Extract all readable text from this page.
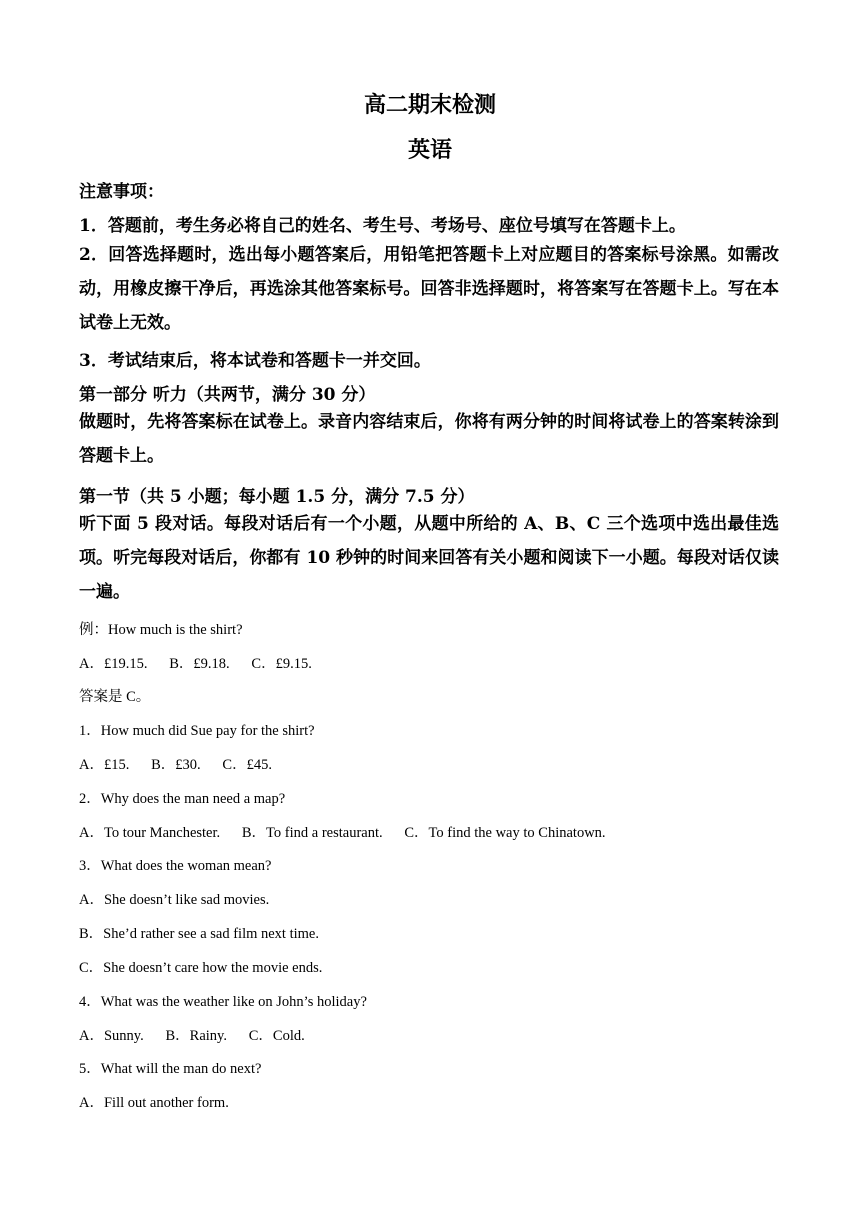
高二期末检测
英语
注意事项：
1．答题前，考生务必将自己的姓名、考生号、考场号、座位号填写在答题卡上。
2．回答选择题时，选出每小题答案后，用铅笔把答题卡上对应题目的答案标号涂黑。如需改动，用橡皮擦干净后，再选涂其他答案标号。回答非选择题时，将答案写在答题卡上。写在本试卷上无效。
3．考试结束后，将本试卷和答题卡一并交回。
第一部分 听力（共两节，满分 30 分）
做题时，先将答案标在试卷上。录音内容结束后，你将有两分钟的时间将试卷上的答案转涂到答题卡上。
第一节（共 5 小题；每小题 1.5 分，满分 7.5 分）
听下面 5 段对话。每段对话后有一个小题，从题中所给的 A、B、C 三个选项中选出最佳选项。听完每段对话后，你都有 10 秒钟的时间来回答有关小题和阅读下一小题。每段对话仅读一遍。
例：How much is the shirt?
A．£19.15. B．£9.18. C．£9.15.
答案是 C。
1．How much did Sue pay for the shirt?
A．£15. B．£30. C．£45.
2．Why does the man need a map?
A．To tour Manchester. B．To find a restaurant. C．To find the way to Chinatown.
3．What does the woman mean?
A．She doesn’t like sad movies.
B．She’d rather see a sad film next time.
C．She doesn’t care how the movie ends.
4．What was the weather like on John’s holiday?
A．Sunny. B．Rainy. C．Cold.
5．What will the man do next?
A．Fill out another form.
